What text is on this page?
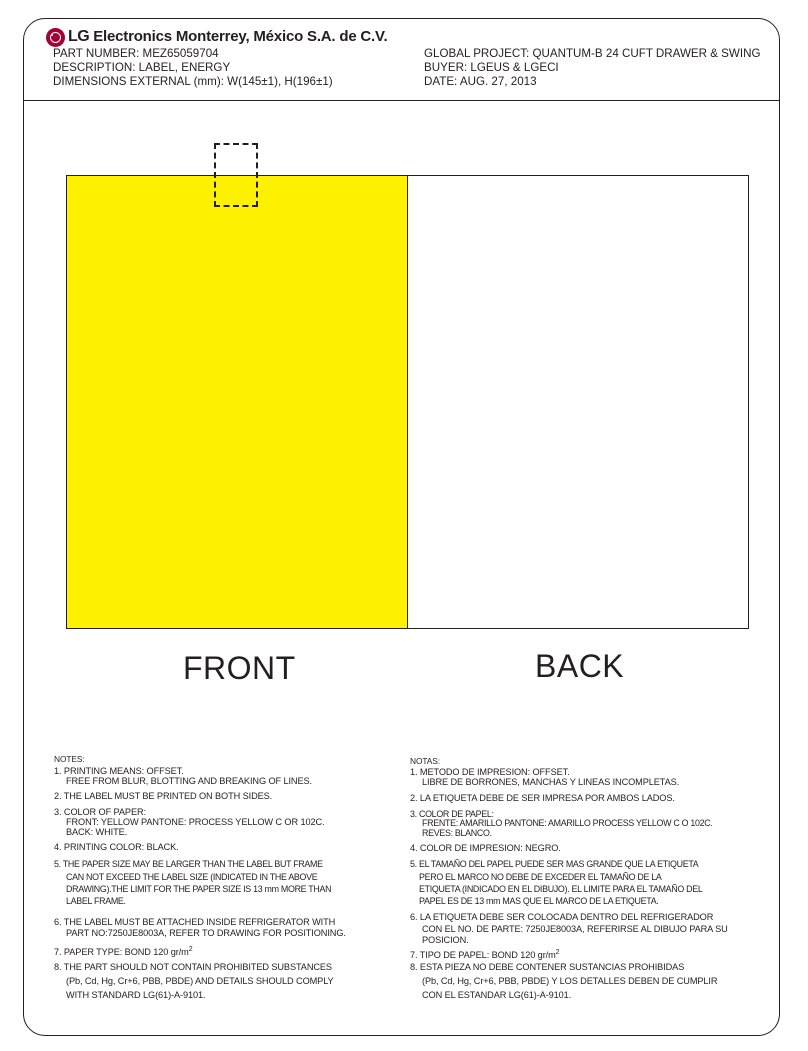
LG Electronics Monterrey, México S.A. de C.V.
PART NUMBER: MEZ65059704
DESCRIPTION: LABEL, ENERGY
DIMENSIONS EXTERNAL (mm): W(145±1), H(196±1)
GLOBAL PROJECT: QUANTUM-B 24 CUFT DRAWER & SWING
BUYER: LGEUS & LGECI
DATE: AUG. 27, 2013
FRONT	BACK
NOTES:
1. PRINTING MEANS: OFFSET.
FREE FROM BLUR, BLOTTING AND BREAKING OF LINES.
2. THE LABEL MUST BE PRINTED ON BOTH SIDES.
3. COLOR OF PAPER:
FRONT: YELLOW PANTONE: PROCESS YELLOW C OR 102C.
BACK: WHITE.
4. PRINTING COLOR: BLACK.
5. THE PAPER SIZE MAY BE LARGER THAN THE LABEL BUT FRAME
CAN NOT EXCEED THE LABEL SIZE (INDICATED IN THE ABOVE
DRAWING).THE LIMIT FOR THE PAPER SIZE IS 13 mm MORE THAN
LABEL FRAME.
6. THE LABEL MUST BE ATTACHED INSIDE REFRIGERATOR WITH
PART NO:7250JE8003A, REFER TO DRAWING FOR POSITIONING.
7. PAPER TYPE: BOND 120 $gr/m^2$
8. THE PART SHOULD NOT CONTAIN PROHIBITED SUBSTANCES
(Pb, Cd, Hg, Cr+6, PBB, PBDE) AND DETAILS SHOULD COMPLY
WITH STANDARD LG(61)-A-9101.
NOTAS:
1. METODO DE IMPRESION: OFFSET.
LIBRE DE BORRONES, MANCHAS Y LINEAS INCOMPLETAS.
2. LA ETIQUETA DEBE DE SER IMPRESA POR AMBOS LADOS.
3. COLOR DE PAPEL:
FRENTE: AMARILLO PANTONE: AMARILLO PROCESS YELLOW C O 102C.
REVES: BLANCO.
4. COLOR DE IMPRESION: NEGRO.
5. EL TAMAÑO DEL PAPEL PUEDE SER MAS GRANDE QUE LA ETIQUETA
PERO EL MARCO NO DEBE DE EXCEDER EL TAMAÑO DE LA
ETIQUETA (INDICADO EN EL DIBUJO). EL LIMITE PARA EL TAMAÑO DEL
PAPEL ES DE 13 mm MAS QUE EL MARCO DE LA ETIQUETA.
6. LA ETIQUETA DEBE SER COLOCADA DENTRO DEL REFRIGERADOR
CON EL NO. DE PARTE: 7250JE8003A, REFERIRSE AL DIBUJO PARA SU
POSICION.
7. TIPO DE PAPEL: BOND 120 $gr/m^2$
8. ESTA PIEZA NO DEBE CONTENER SUSTANCIAS PROHIBIDAS
(Pb, Cd, Hg, Cr+6, PBB, PBDE) Y LOS DETALLES DEBEN DE CUMPLIR
CON EL ESTANDAR LG(61)-A-9101.
